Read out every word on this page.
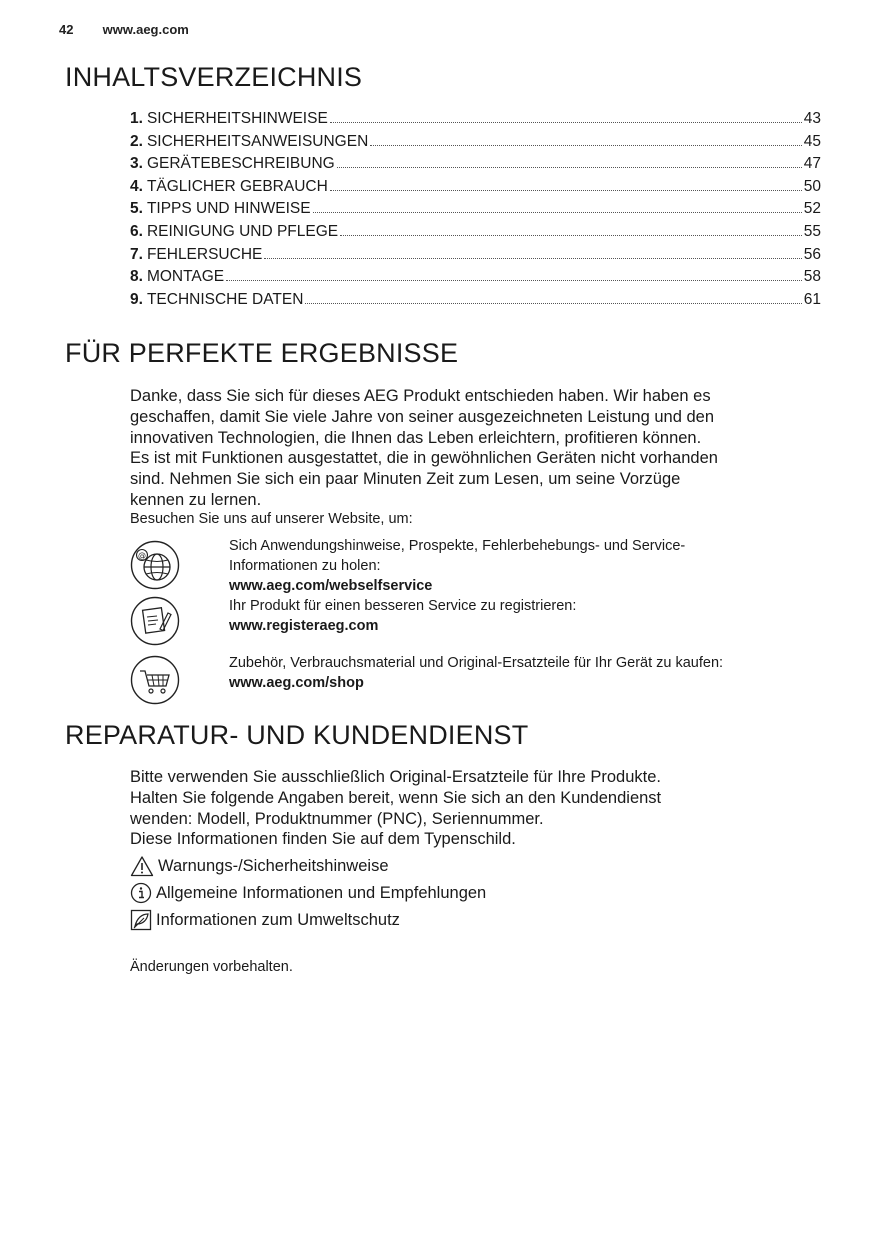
42 www.aeg.com
INHALTSVERZEICHNIS
1. SICHERHEITSHINWEISE	43
2. SICHERHEITSANWEISUNGEN	45
3. GERÄTEBESCHREIBUNG	47
4. TÄGLICHER GEBRAUCH	50
5. TIPPS UND HINWEISE	52
6. REINIGUNG UND PFLEGE	55
7. FEHLERSUCHE	56
8. MONTAGE	58
9. TECHNISCHE DATEN	61
FÜR PERFEKTE ERGEBNISSE
Danke, dass Sie sich für dieses AEG Produkt entschieden haben. Wir haben es
geschaffen, damit Sie viele Jahre von seiner ausgezeichneten Leistung und den
innovativen Technologien, die Ihnen das Leben erleichtern, profitieren können.
Es ist mit Funktionen ausgestattet, die in gewöhnlichen Geräten nicht vorhanden
sind. Nehmen Sie sich ein paar Minuten Zeit zum Lesen, um seine Vorzüge
kennen zu lernen.
Besuchen Sie uns auf unserer Website, um:
@
Sich Anwendungshinweise, Prospekte, Fehlerbehebungs- und Service-
Informationen zu holen:
www.aeg.com/webselfservice
Ihr Produkt für einen besseren Service zu registrieren:
www.registeraeg.com
Zubehör, Verbrauchsmaterial und Original-Ersatzteile für Ihr Gerät zu kaufen:
www.aeg.com/shop
REPARATUR- UND KUNDENDIENST
Bitte verwenden Sie ausschließlich Original-Ersatzteile für Ihre Produkte.
Halten Sie folgende Angaben bereit, wenn Sie sich an den Kundendienst
wenden: Modell, Produktnummer (PNC), Seriennummer.
Diese Informationen finden Sie auf dem Typenschild.
Warnungs-/Sicherheitshinweise
Allgemeine Informationen und Empfehlungen
Informationen zum Umweltschutz
Änderungen vorbehalten.
